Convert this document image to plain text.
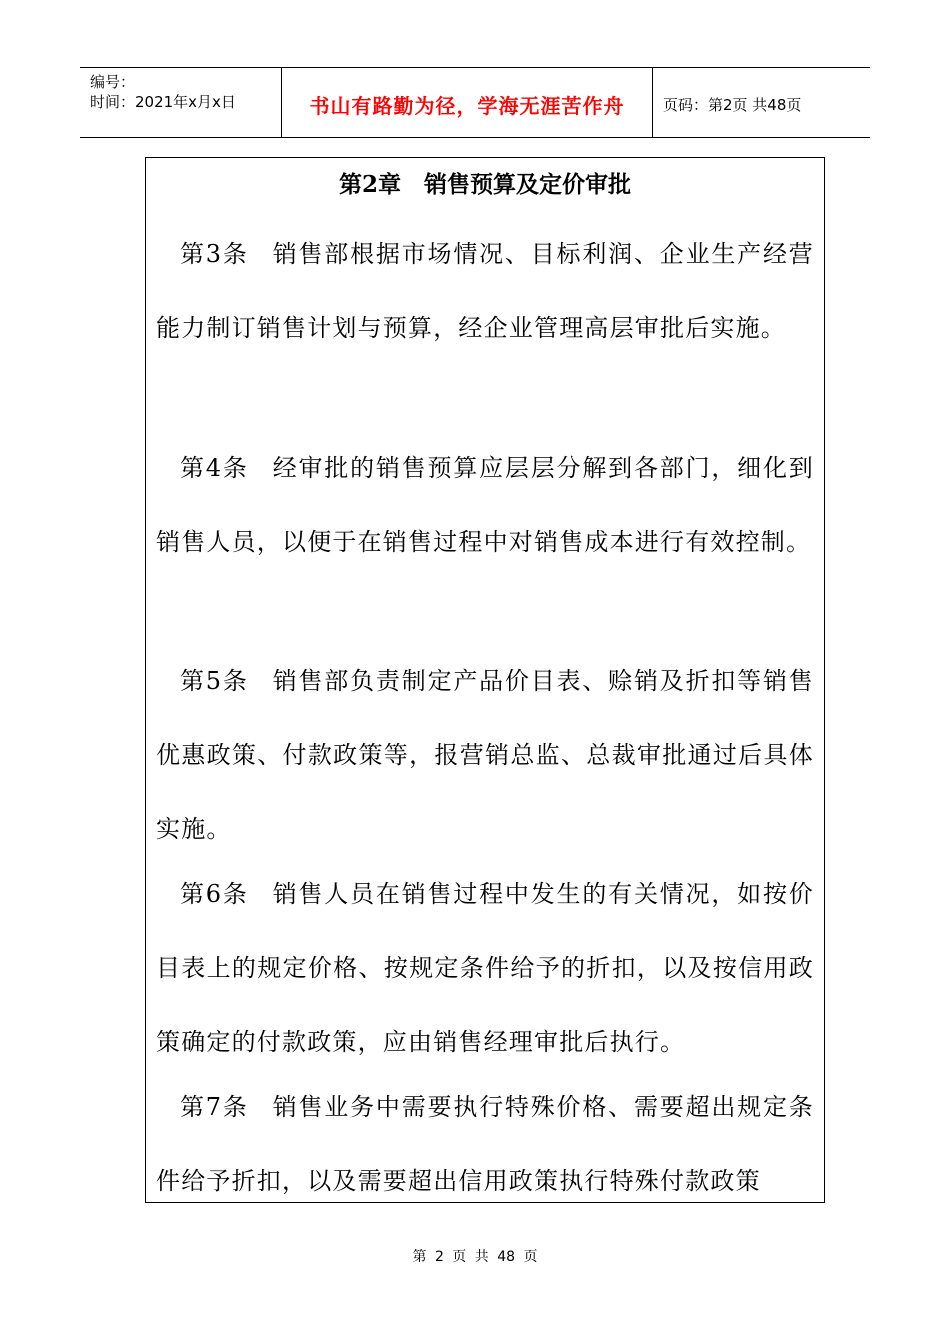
编号：
时间：2021年x月x日	书山有路勤为径，学海无涯苦作舟	页码：第2页 共48页
第2章　销售预算及定价审批
第3条 销售部根据市场情况、目标利润、企业生产经营能力制订销售计划与预算，经企业管理高层审批后实施。
第4条 经审批的销售预算应层层分解到各部门，细化到销售人员，以便于在销售过程中对销售成本进行有效控制。
第5条 销售部负责制定产品价目表、赊销及折扣等销售优惠政策、付款政策等，报营销总监、总裁审批通过后具体实施。
第6条 销售人员在销售过程中发生的有关情况，如按价目表上的规定价格、按规定条件给予的折扣，以及按信用政策确定的付款政策，应由销售经理审批后执行。
第7条 销售业务中需要执行特殊价格、需要超出规定条件给予折扣，以及需要超出信用政策执行特殊付款政策
第 2 页 共 48 页
